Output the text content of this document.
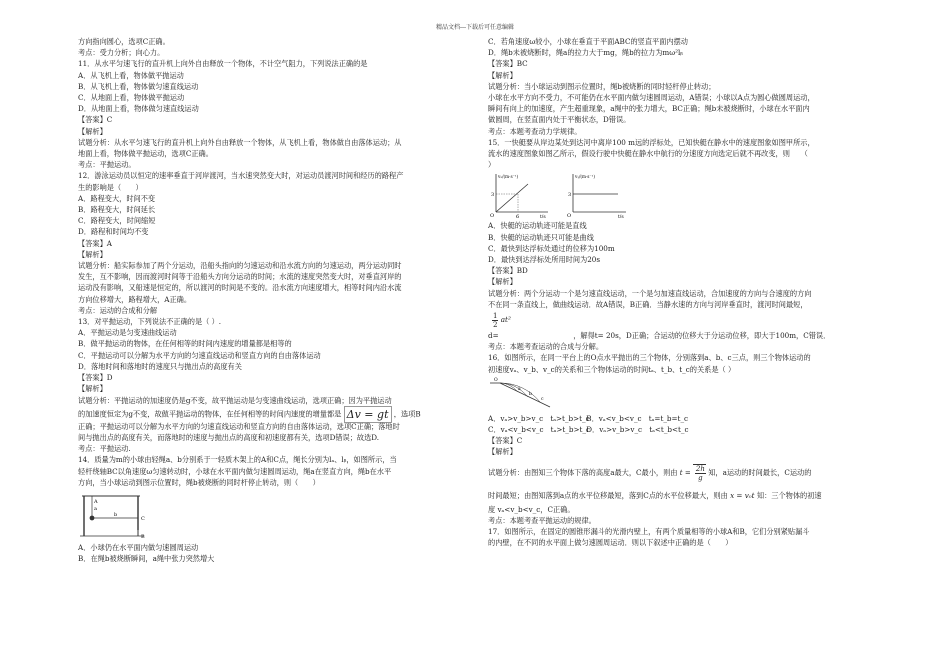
精品文档---下载后可任意编辑

方向指向圆心，选项C正确。

考点：受力分析；向心力。

11．从水平匀速飞行的直升机上向外自由释放一个物体，不计空气阻力，下列说法正确的是

A．从飞机上看，物体做平抛运动

B．从飞机上看，物体做匀速直线运动

C．从地面上看，物体做平抛运动

D．从地面上看，物体做匀速直线运动

【答案】C

【解析】

试题分析：从水平匀速飞行的直升机上向外自由释放一个物体，从飞机上看，物体做自由落体运动；从

地面上看，物体做平抛运动，选项C正确。

考点：平抛运动。

12．游泳运动员以恒定的速率垂直于河岸渡河，当水速突然变大时，对运动员渡河时间和经历的路程产

生的影响是（　　）

A．路程变大，时间不变

B．路程变大，时间延长

C．路程变大，时间缩短

D．路程和时间均不变

【答案】A

【解析】

试题分析：船实际参加了两个分运动，沿船头指向的匀速运动和沿水流方向的匀速运动，两分运动同时

发生，互不影响，因而渡河时间等于沿船头方向分运动的时间；水流的速度突然变大时，对垂直河岸的

运动没有影响，又船速是恒定的，所以渡河的时间是不变的。沿水流方向速度增大，相等时间内沿水流

方向位移增大，路程增大，A正确。

考点：运动的合成和分解

13．对平抛运动，下列说法不正确的是（ ）.

A．平抛运动是匀变速曲线运动

B．做平抛运动的物体，在任何相等的时间内速度的增量都是相等的

C．平抛运动可以分解为水平方向的匀速直线运动和竖直方向的自由落体运动

D．落地时间和落地时的速度只与抛出点的高度有关

【答案】D

【解析】

试题分析：平抛运动的加速度仍是g不变，故平抛运动是匀变速曲线运动，选项正确；因为平抛运动

的加速度恒定为g不变，故做平抛运动的物体，在任何相等的时间内速度的增量都是 Δv = gt ，选项B

正确；平抛运动可以分解为水平方向的匀速直线运动和竖直方向的自由落体运动，选项C正确；落地时

间与抛出点的高度有关，而落地时的速度与抛出点的高度和初速度都有关，选项D错误；故选D.

考点：平抛运动.

14．质量为m的小球由轻绳a、b分别系于一轻质木架上的A和C点，绳长分别为lₐ、lᵦ，如图所示，当

轻杆绕轴BC以角速度ω匀速转动时，小球在水平面内做匀速圆周运动，绳a在竖直方向，绳b在水平

方向，当小球运动到图示位置时，绳b被烧断的同时杆停止转动，则（　　）

A
B
C
a
b

A．小球仍在水平面内做匀速圆周运动

B．在绳b被烧断瞬间，a绳中张力突然增大

C．若角速度ω较小，小球在垂直于平面ABC的竖直平面内摆动

D．绳b未被烧断时，绳a的拉力大于mg，绳b的拉力为mω²lᵦ

【答案】BC

【解析】

试题分析：当小球运动到图示位置时，绳b被烧断的同时轻杆停止转动；

小球在水平方向不受力，不可能仍在水平面内做匀速圆周运动，A错误；小球以A点为圆心做圆周运动，

瞬间有向上的加速度，产生超重现象，a绳中的张力增大，BC正确；绳b未被烧断时，小球在水平面内

做圆周，在竖直面内处于平衡状态，D错误。

考点：本题考查动力学规律。

15．一快艇要从岸边某处到达河中离岸100 m远的浮标处，已知快艇在静水中的速度图象如图甲所示，

流水的速度图象如图乙所示，假设行驶中快艇在静水中航行的分速度方向选定后就不再改变，则　　（

）

vₓ/(m·s⁻¹)
3
O	6	t/s
vᵧ/(m·s⁻¹)
3
O	t/s

A．快艇的运动轨迹可能是直线

B．快艇的运动轨迹只可能是曲线

C．最快到达浮标处通过的位移为100m

D．最快到达浮标处所用时间为20s

【答案】BD

【解析】

试题分析：两个分运动一个是匀速直线运动，一个是匀加速直线运动，合加速度的方向与合速度的方向

不在同一条直线上，做曲线运动．故A错误，B正确．当静水速的方向与河岸垂直时，渡河时间最短，

$\frac{1}{2} at^2$

d=	，解得t= 20s，D正确；合运动的位移大于分运动位移，即大于100m，C错误．

考点：本题考查运动的合成与分解。

16．如图所示，在同一平台上的O点水平抛出的三个物体，分别落到a、b、c三点，则三个物体运动的

初速度vₐ、v_b、v_c的关系和三个物体运动的时间tₐ、t_b、t_c的关系是（ ）

O
a
b
c

A．vₐ>v_b>v_c　tₐ>t_b>t_c B．vₐ<v_b<v_c　tₐ=t_b=t_c

C．vₐ<v_b<v_c　tₐ>t_b>t_c D．vₐ>v_b>v_c　tₐ<t_b<t_c

【答案】C

【解析】

试题分析：由图知三个物体下落的高度a最大，C最小，则由 $t = \frac{2h}{g}$ 知，a运动的时间最长，C运动的

时间最短；由图知落到a点的水平位移最短，落到C点的水平位移最大，则由 x = v₀t 知：三个物体的初速

度 vₐ<v_b<v_c，C正确。

考点：本题考查平抛运动的规律。

17．如图所示，在固定的圆锥形漏斗的光滑内壁上，有两个质量相等的小球A和B，它们分别紧贴漏斗

的内壁，在不同的水平面上做匀速圆周运动．则以下叙述中正确的是（　　）
